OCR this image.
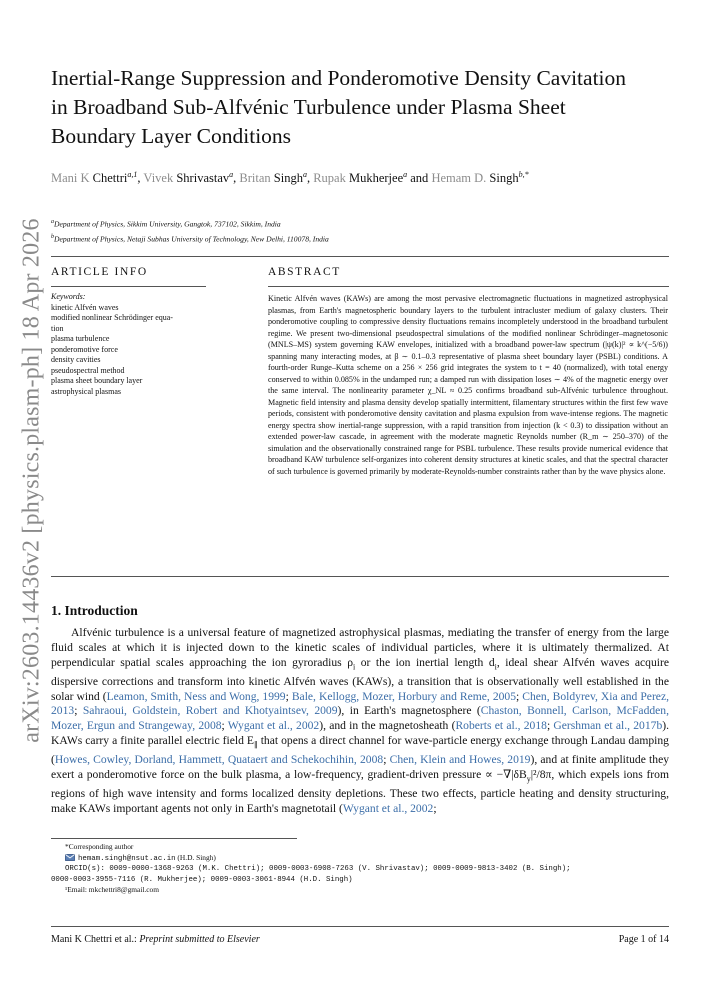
arXiv:2603.14436v2 [physics.plasm-ph] 18 Apr 2026
Inertial-Range Suppression and Ponderomotive Density Cavitation
in Broadband Sub-Alfvénic Turbulence under Plasma Sheet
Boundary Layer Conditions
Mani K Chettri$^{a,1}$, Vivek Shrivastav$^a$, Britan Singh$^a$, Rupak Mukherjee$^a$ and Hemam D. Singh$^{b,*}$
$^a$Department of Physics, Sikkim University, Gangtok, 737102, Sikkim, India
$^b$Department of Physics, Netaji Subhas University of Technology, New Delhi, 110078, India
ARTICLE INFO	ABSTRACT
Keywords:
kinetic Alfvén waves
modified nonlinear Schrödinger equa-
tion
plasma turbulence
ponderomotive force
density cavities
pseudospectral method
plasma sheet boundary layer
astrophysical plasmas

Kinetic Alfvén waves (KAWs) are among the most pervasive electromagnetic fluctuations in magnetized astrophysical plasmas, from Earth's magnetospheric boundary layers to the turbulent intracluster medium of galaxy clusters. Their ponderomotive coupling to compressive density fluctuations remains incompletely understood in the broadband turbulent regime. We present two-dimensional pseudospectral simulations of the modified nonlinear Schrödinger–magnetosonic (MNLS–MS) system governing KAW envelopes, initialized with a broadband power-law spectrum (|ψ(k)|² ∝ k^(−5/6)) spanning many interacting modes, at β ∼ 0.1–0.3 representative of plasma sheet boundary layer (PSBL) conditions. A fourth-order Runge–Kutta scheme on a 256 × 256 grid integrates the system to t = 40 (normalized), with total energy conserved to within 0.085% in the undamped run; a damped run with dissipation loses ∼ 4% of the magnetic energy over the same interval. The nonlinearity parameter χ_NL ≈ 0.25 confirms broadband sub-Alfvénic turbulence throughout. Magnetic field intensity and plasma density develop spatially intermittent, filamentary structures within the first few wave periods, consistent with ponderomotive density cavitation and plasma expulsion from wave-intense regions. The magnetic energy spectra show inertial-range suppression, with a rapid transition from injection (k < 0.3) to dissipation without an extended power-law cascade, in agreement with the moderate magnetic Reynolds number (R_m ∼ 250–370) of the simulation and the observationally constrained range for PSBL turbulence. These results provide numerical evidence that broadband KAW turbulence self-organizes into coherent density structures at kinetic scales, and that the spectral character of such turbulence is governed primarily by moderate-Reynolds-number constraints rather than by the wave physics alone.

1. Introduction

Alfvénic turbulence is a universal feature of magnetized astrophysical plasmas, mediating the transfer of energy from the large fluid scales at which it is injected down to the kinetic scales of individual particles, where it is ultimately thermalized. At perpendicular spatial scales approaching the ion gyroradius $\rho_i$ or the ion inertial length $d_i$, ideal shear Alfvén waves acquire dispersive corrections and transform into kinetic Alfvén waves (KAWs), a transition that is observationally well established in the solar wind (Leamon, Smith, Ness and Wong, 1999; Bale, Kellogg, Mozer, Horbury and Reme, 2005; Chen, Boldyrev, Xia and Perez, 2013; Sahraoui, Goldstein, Robert and Khotyaintsev, 2009), in Earth's magnetosphere (Chaston, Bonnell, Carlson, McFadden, Mozer, Ergun and Strangeway, 2008; Wygant et al., 2002), and in the magnetosheath (Roberts et al., 2018; Gershman et al., 2017b). KAWs carry a finite parallel electric field $E_\parallel$ that opens a direct channel for wave-particle energy exchange through Landau damping (Howes, Cowley, Dorland, Hammett, Quataert and Schekochihin, 2008; Chen, Klein and Howes, 2019), and at finite amplitude they exert a ponderomotive force on the bulk plasma, a low-frequency, gradient-driven pressure ∝ $-\nabla|\delta B_y|^2/8\pi$, which expels ions from regions of high wave intensity and forms localized density depletions. These two effects, particle heating and density structuring, make KAWs important agents not only in Earth's magnetotail (Wygant et al., 2002;

*Corresponding author
hemam.singh@nsut.ac.in (H.D. Singh)
ORCID(s): 0009-0000-1368-9263 (M.K. Chettri); 0009-0003-6908-7263 (V. Shrivastav); 0009-0009-9813-3402 (B. Singh);
0000-0003-3955-7116 (R. Mukherjee); 0009-0003-3061-8944 (H.D. Singh)
¹Email: mkchettri8@gmail.com
Mani K Chettri et al.: Preprint submitted to Elsevier	Page 1 of 14
